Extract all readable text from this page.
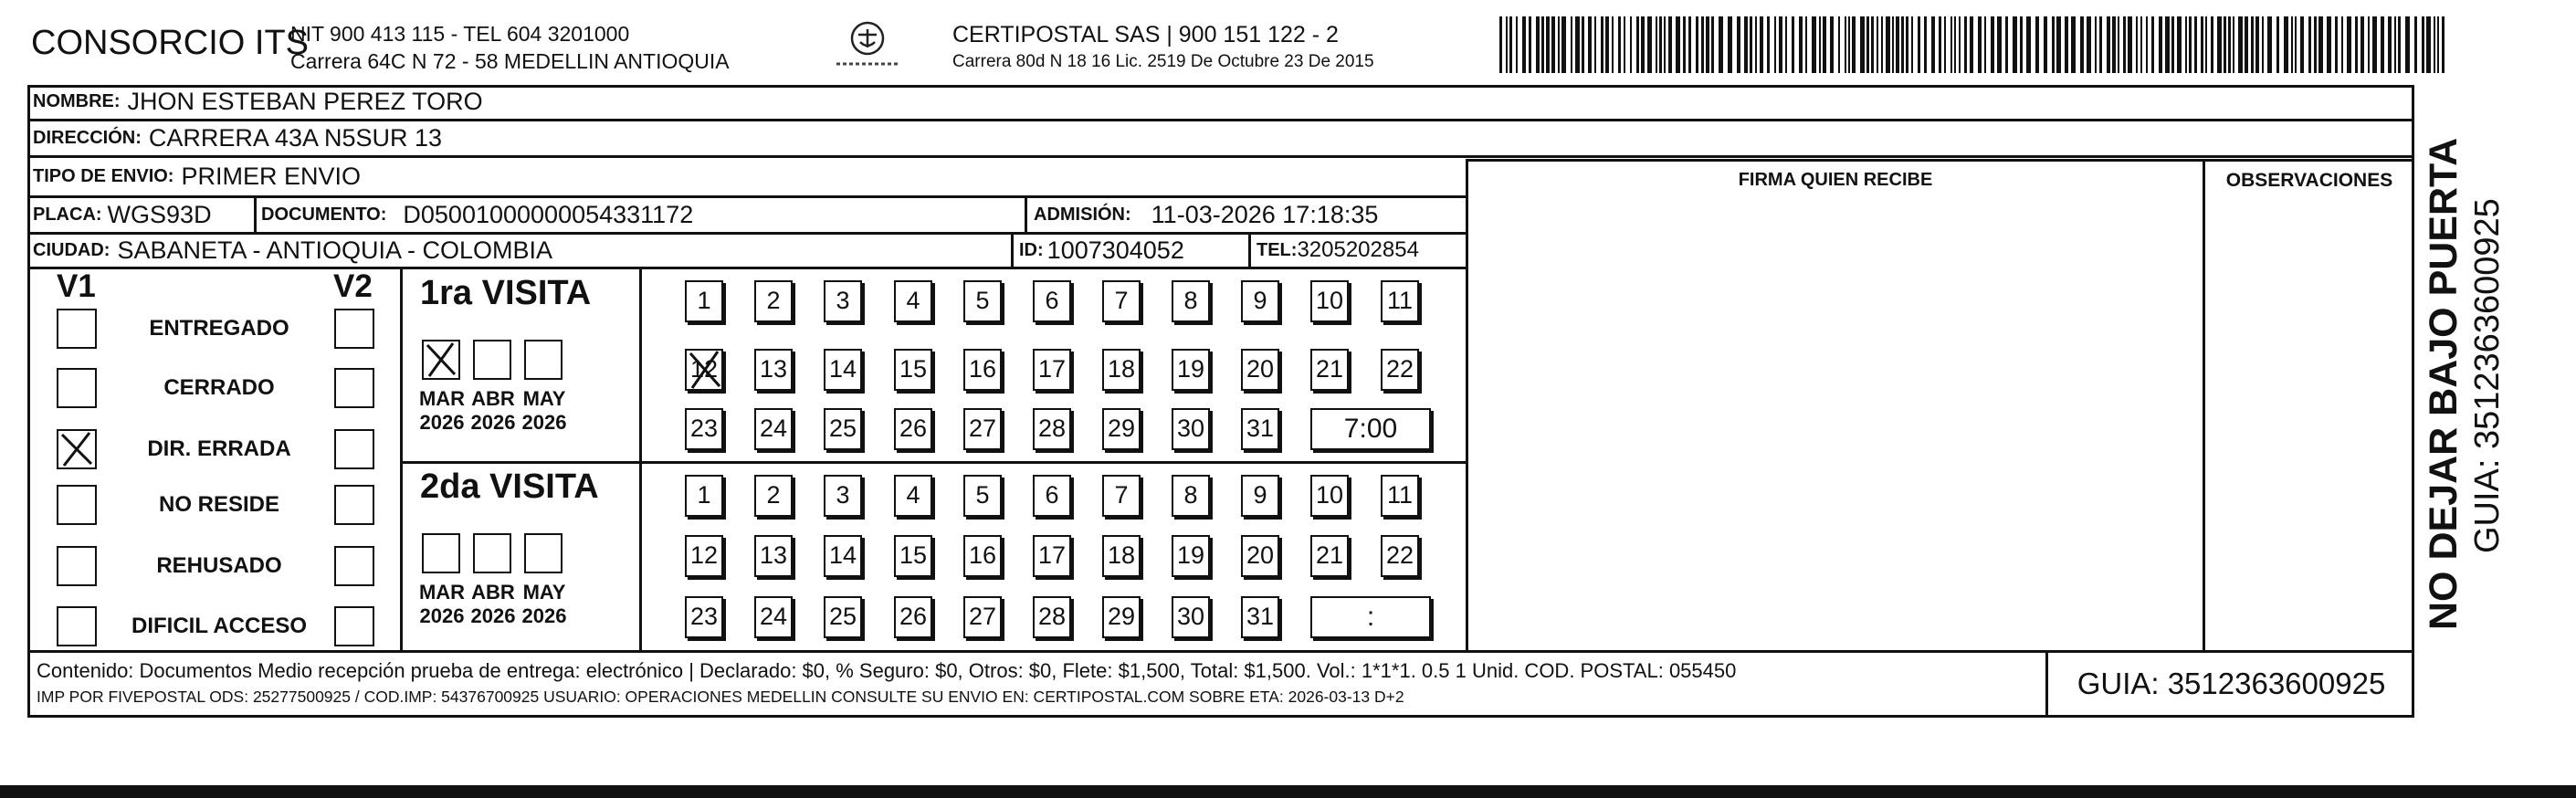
CONSORCIO ITS
NIT 900 413 115 - TEL 604 3201000
Carrera 64C N 72 - 58 MEDELLIN ANTIOQUIA
CERTIPOSTAL SAS | 900 151 122 - 2
Carrera 80d N 18 16 Lic. 2519 De Octubre 23 De 2015
NOMBRE: JHON ESTEBAN PEREZ TORO
DIRECCIÓN: CARRERA 43A N5SUR 13
TIPO DE ENVIO: PRIMER ENVIO
PLACA: WGS93D	DOCUMENTO: D05001000000054331172	ADMISIÓN: 11-03-2026 17:18:35
CIUDAD: SABANETA - ANTIOQUIA - COLOMBIA	ID: 1007304052	TEL: 3205202854
FIRMA QUIEN RECIBE	OBSERVACIONES NO DEJAR BAJO PUERTA GUIA: 3512363600925
V1	V2
ENTREGADO
CERRADO
DIR. ERRADA
NO RESIDE
REHUSADO
DIFICIL ACCESO
1ra VISITA
2da VISITA
MAR
2026
ABR
2026
MAY
2026
MAR
2026
ABR
2026
MAY
2026
1	2	3	4	5	6	7	8	9	10 11
12 13 14 15 16 17 18 19 20 21 22
23 24 25 26 27 28 29 30 31	7:00
1	2	3	4	5	6	7	8	9	10 11
12 13 14 15 16 17 18 19 20 21 22
23 24 25 26 27 28 29 30 31	:
Contenido: Documentos Medio recepción prueba de entrega: electrónico | Declarado: $0, % Seguro: $0, Otros: $0, Flete: $1,500, Total: $1,500. Vol.: 1*1*1. 0.5 1 Unid. COD. POSTAL: 055450
IMP POR FIVEPOSTAL ODS: 25277500925 / COD.IMP: 54376700925 USUARIO: OPERACIONES MEDELLIN CONSULTE SU ENVIO EN: CERTIPOSTAL.COM SOBRE ETA: 2026-03-13 D+2	GUIA: 3512363600925
